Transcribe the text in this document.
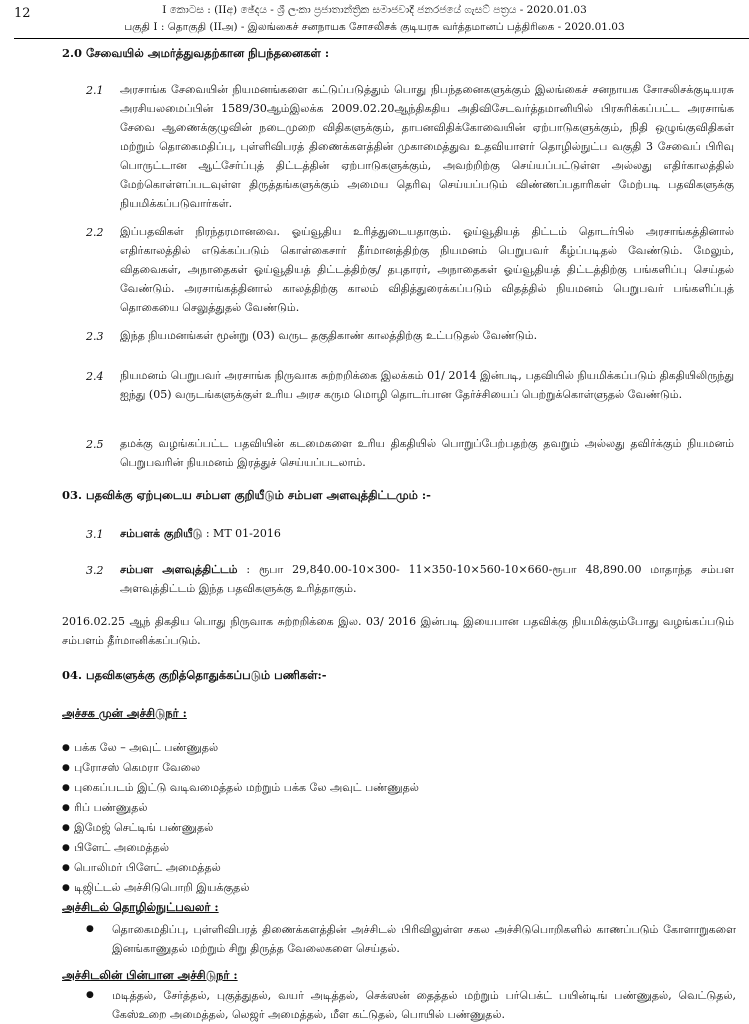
12	I කොටස : (IIඅ) ඡේදය - ශ්‍රී ලංකා ප්‍රජාතාන්ත්‍රික සමාජවාදී ජනරජයේ ගැසට් පත්‍රය - 2020.01.03
பகுதி I : தொகுதி (IIஅ) - இலங்கைச் சனநாயக சோசலிசக் குடியரசு வர்த்தமானப் பத்திரிகை - 2020.01.03
2.0 சேவையில் அமர்த்துவதற்கான நிபந்தனைகள் :
2.1 அரசாங்க சேவையின் நியமனங்களை கட்டுப்படுத்தும் பொது நிபந்தனைகளுக்கும் இலங்கைச் சனநாயக சோசலிசக்குடியரசு அரசியலமைப்பின் 1589/30ஆம்இலக்க 2009.02.20ஆந்திகதிய அதிவிசேடவர்த்தமானியில் பிரசுரிக்கப்பட்ட அரசாங்க சேவை ஆணைக்குழுவின் நடைமுறை விதிகளுக்கும், தாபனவிதிக்கோவையின் ஏற்பாடுகளுக்கும், நிதி ஒழுங்குவிதிகள் மற்றும் தொகைமதிப்பு, புள்ளிவிபரத் திணைக்களத்தின் முகாமைத்துவ உதவியாளர் தொழில்நுட்ப வகுதி 3 சேவைப் பிரிவு பொருட்டான ஆட்சேர்ப்புத் திட்டத்தின் ஏற்பாடுகளுக்கும், அவற்றிற்கு செய்யப்பட்டுள்ள அல்லது எதிர்காலத்தில் மேற்கொள்ளப்படவுள்ள திருத்தங்களுக்கும் அமைய தெரிவு செய்யப்படும் விண்ணப்பதாரிகள் மேற்படி பதவிகளுக்கு நியமிக்கப்படுவார்கள்.
2.2 இப்பதவிகள் நிரந்தரமானவை. ஓய்வூதிய உரித்துடையதாகும். ஓய்வூதியத் திட்டம் தொடர்பில் அரசாங்கத்தினால் எதிர்காலத்தில் எடுக்கப்படும் கொள்கைசார் தீர்மானத்திற்கு நியமனம் பெறுபவர் கீழ்ப்படிதல் வேண்டும். மேலும், விதவைகள், அநாதைகள் ஓய்வூதியத் திட்டத்திற்கு/ தபுதாரர், அநாதைகள் ஓய்வூதியத் திட்டத்திற்கு பங்களிப்பு செய்தல் வேண்டும். அரசாங்கத்தினால் காலத்திற்கு காலம் விதித்துரைக்கப்படும் விதத்தில் நியமனம் பெறுபவர் பங்களிப்புத் தொகையை செலுத்துதல் வேண்டும்.
2.3 இந்த நியமனங்கள் மூன்று (03) வருட தகுதிகாண் காலத்திற்கு உட்படுதல் வேண்டும்.
2.4 நியமனம் பெறுபவர் அரசாங்க நிருவாக சுற்றறிக்கை இலக்கம் 01/ 2014 இன்படி, பதவியில் நியமிக்கப்படும் திகதியிலிருந்து ஐந்து (05) வருடங்களுக்குள் உரிய அரச கரும மொழி தொடர்பான தேர்ச்சியைப் பெற்றுக்கொள்ளுதல் வேண்டும்.
2.5 தமக்கு வழங்கப்பட்ட பதவியின் கடமைகளை உரிய திகதியில் பொறுப்பேற்பதற்கு தவறும் அல்லது தவிர்க்கும் நியமனம் பெறுபவரின் நியமனம் இரத்துச் செய்யப்படலாம்.
03. பதவிக்கு ஏற்புடைய சம்பள குறியீடும் சம்பள அளவுத்திட்டமும் :-
3.1 சம்பளக் குறியீடு : MT 01-2016
3.2 சம்பள அளவுத்திட்டம் : ரூபா 29,840.00-10×300- 11×350-10×560-10×660-ரூபா 48,890.00 மாதாந்த சம்பள அளவுத்திட்டம் இந்த பதவிகளுக்கு உரித்தாகும்.
2016.02.25 ஆந் திகதிய பொது நிருவாக சுற்றறிக்கை இல. 03/ 2016 இன்படி இயைபான பதவிக்கு நியமிக்கும்போது வழங்கப்படும் சம்பளம் தீர்மானிக்கப்படும்.
04. பதவிகளுக்கு குறித்தொதுக்கப்படும் பணிகள்:-
அச்சக முன் அச்சிடுநர் :
● பக்க லே – அவுட் பண்ணுதல்
● புரோசஸ் கெமரா வேலை
● புகைப்படம் இட்டு வடிவமைத்தல் மற்றும் பக்க லே அவுட் பண்ணுதல்
● ரிப் பண்ணுதல்
● இமேஜ் செட்டிங் பண்ணுதல்
● பிளேட் அமைத்தல்
● பொலிமர் பிளேட் அமைத்தல்
● டிஜிட்டல் அச்சிடுபொறி இயக்குதல்
அச்சிடல் தொழில்நுட்பவலர் :
●	தொகைமதிப்பு, புள்ளிவிபரத் திணைக்களத்தின் அச்சிடல் பிரிவிலுள்ள சகல அச்சிடுபொறிகளில் காணப்படும் கோளாறுகளை இனங்காணுதல் மற்றும் சிறு திருத்த வேலைகளை செய்தல்.
அச்சிடலின் பின்பான அச்சிடுநர் :
●	மடித்தல், சேர்த்தல், புகுத்துதல், வயர் அடித்தல், செக்ஸன் தைத்தல் மற்றும் பர்பெக்ட் பயின்டிங் பண்ணுதல், வெட்டுதல், கேஸ்உறை அமைத்தல், லெஜர் அமைத்தல், மீள கட்டுதல், பொயில் பண்ணுதல்.
